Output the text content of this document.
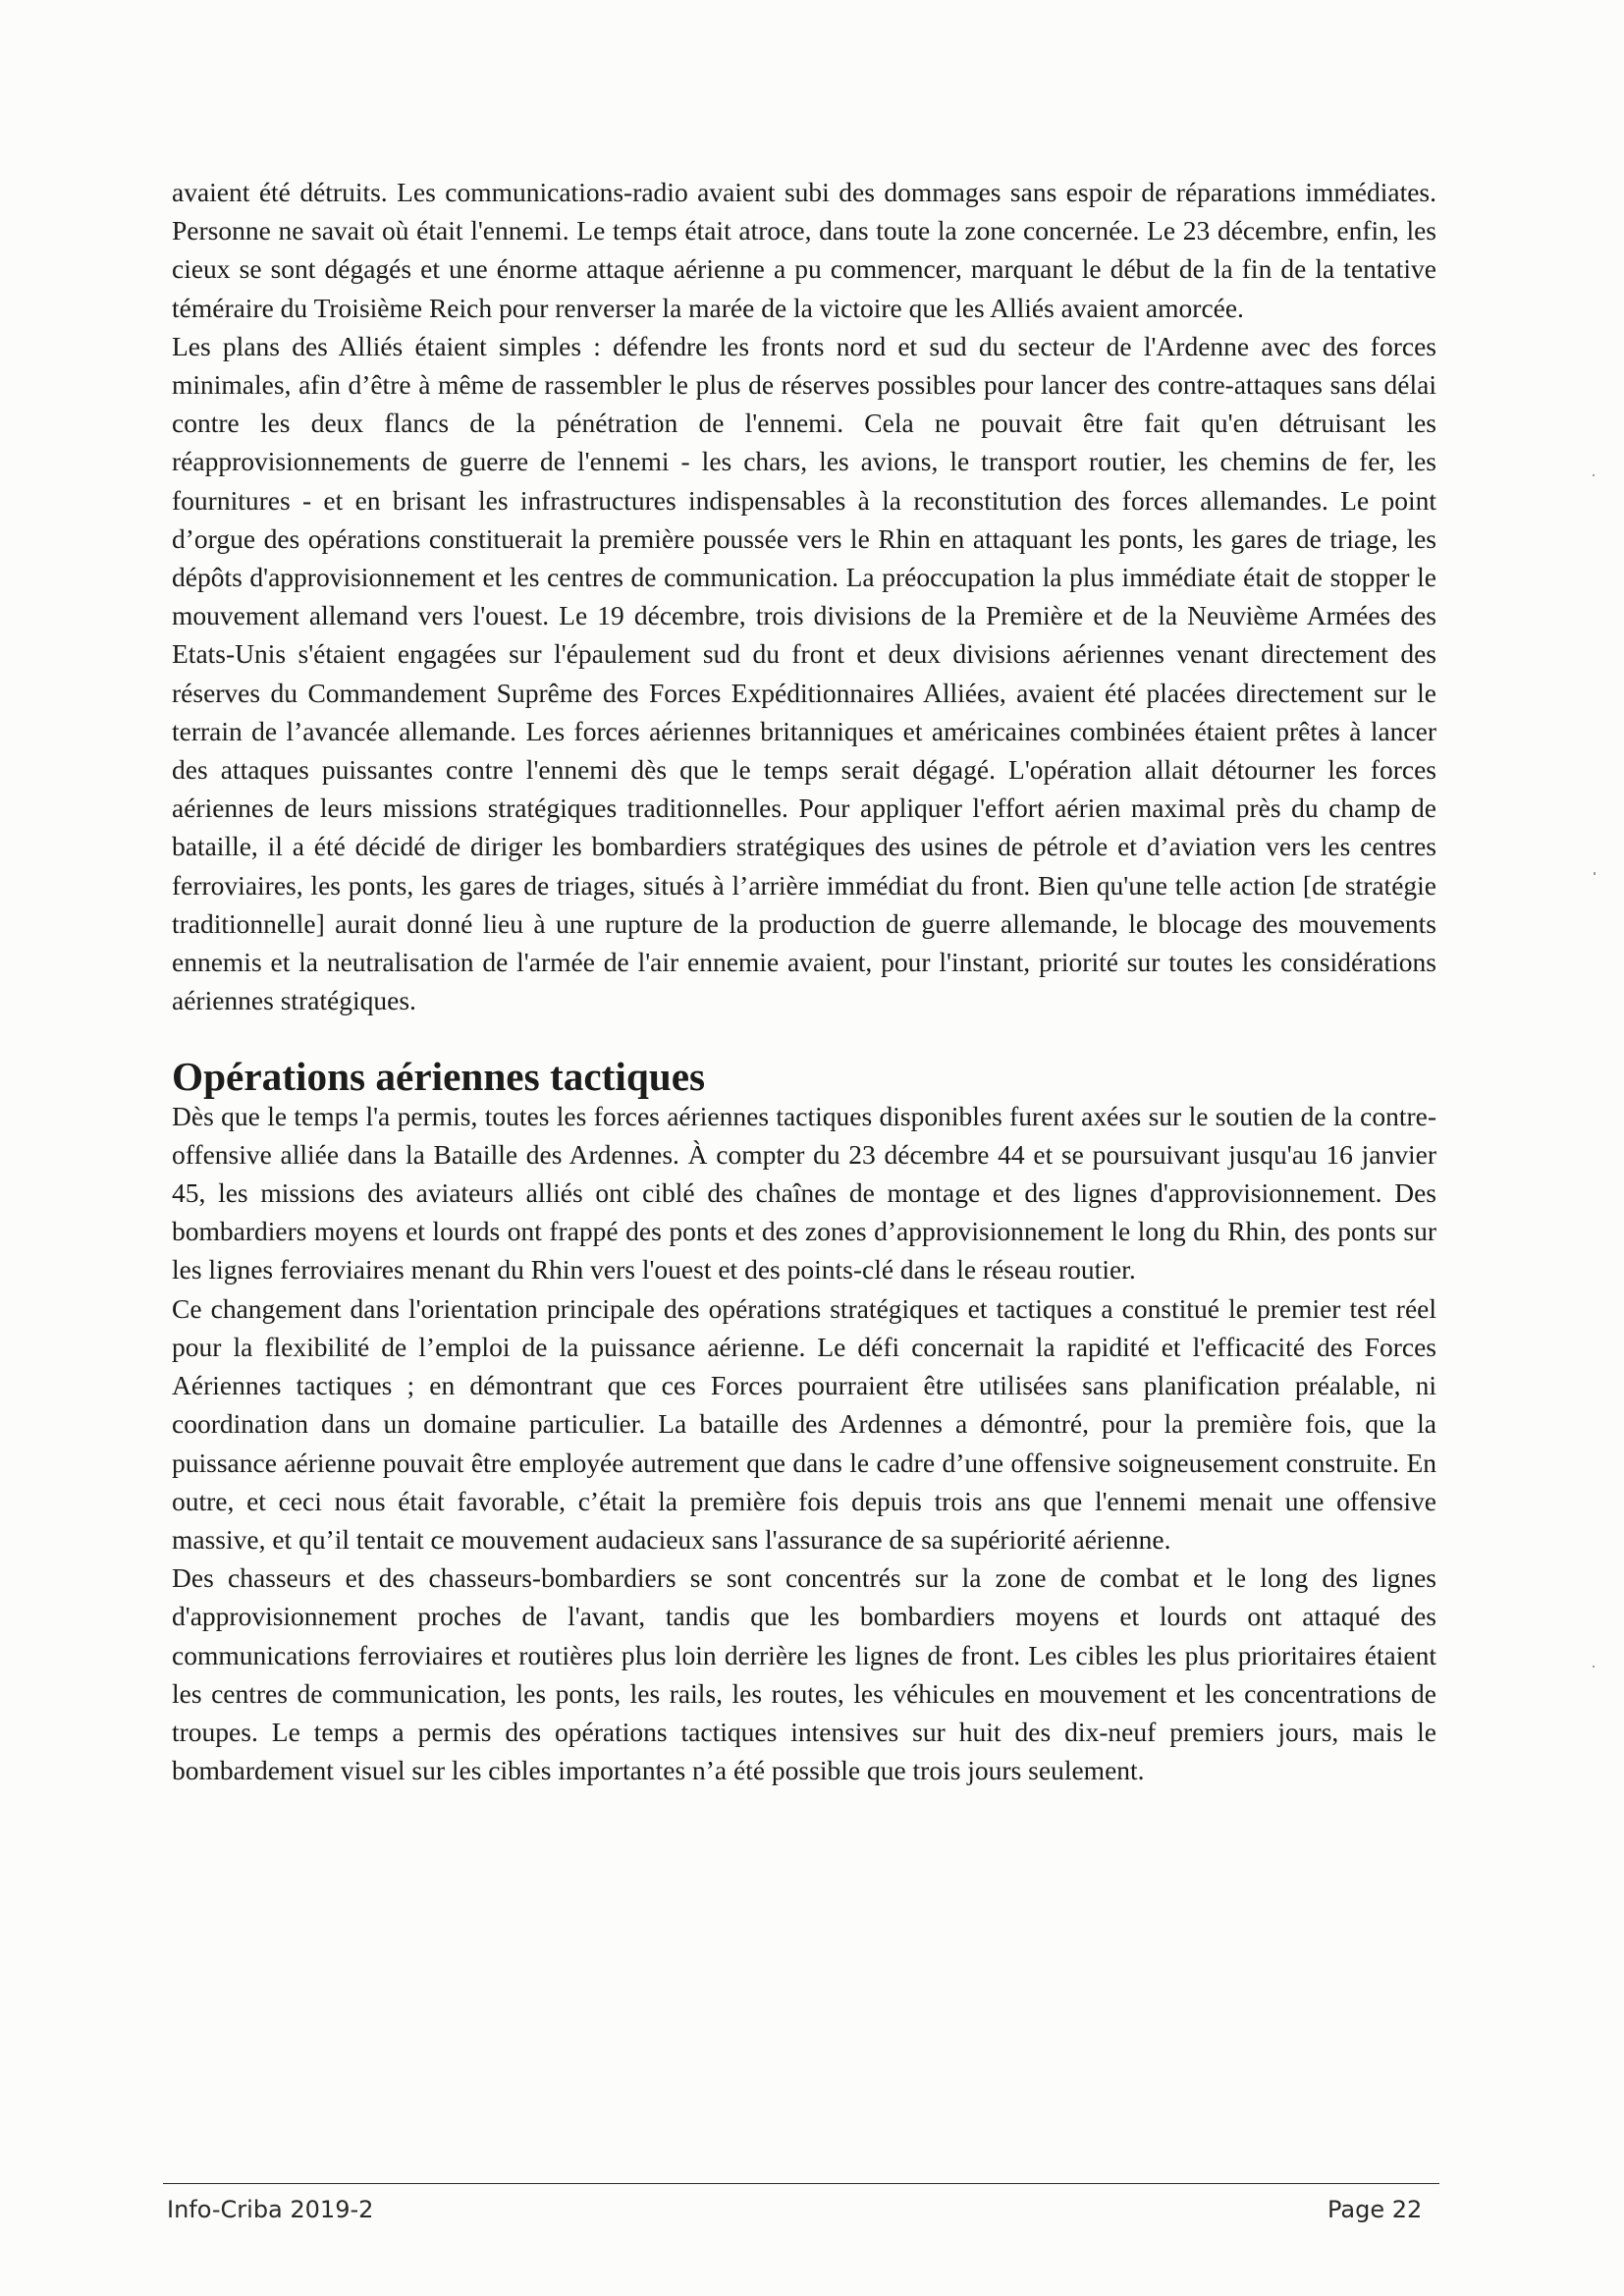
avaient été détruits. Les communications-radio avaient subi des dommages sans espoir de réparations immédiates. Personne ne savait où était l'ennemi. Le temps était atroce, dans toute la zone concernée. Le 23 décembre, enfin, les cieux se sont dégagés et une énorme attaque aérienne a pu commencer, marquant le début de la fin de la tentative téméraire du Troisième Reich pour renverser la marée de la victoire que les Alliés avaient amorcée.

Les plans des Alliés étaient simples : défendre les fronts nord et sud du secteur de l'Ardenne avec des forces minimales, afin d’être à même de rassembler le plus de réserves possibles pour lancer des contre-attaques sans délai contre les deux flancs de la pénétration de l'ennemi. Cela ne pouvait être fait qu'en détruisant les réapprovisionnements de guerre de l'ennemi - les chars, les avions, le transport routier, les chemins de fer, les fournitures - et en brisant les infrastructures indispensables à la reconstitution des forces allemandes. Le point d’orgue des opérations constituerait la première poussée vers le Rhin en attaquant les ponts, les gares de triage, les dépôts d'approvisionnement et les centres de communication. La préoccupation la plus immédiate était de stopper le mouvement allemand vers l'ouest. Le 19 décembre, trois divisions de la Première et de la Neuvième Armées des Etats-Unis s'étaient engagées sur l'épaulement sud du front et deux divisions aériennes venant directement des réserves du Commandement Suprême des Forces Expéditionnaires Alliées, avaient été placées directement sur le terrain de l’avancée allemande. Les forces aériennes britanniques et américaines combinées étaient prêtes à lancer des attaques puissantes contre l'ennemi dès que le temps serait dégagé. L'opération allait détourner les forces aériennes de leurs missions stratégiques traditionnelles. Pour appliquer l'effort aérien maximal près du champ de bataille, il a été décidé de diriger les bombardiers stratégiques des usines de pétrole et d’aviation vers les centres ferroviaires, les ponts, les gares de triages, situés à l’arrière immédiat du front. Bien qu'une telle action [de stratégie traditionnelle] aurait donné lieu à une rupture de la production de guerre allemande, le blocage des mouvements ennemis et la neutralisation de l'armée de l'air ennemie avaient, pour l'instant, priorité sur toutes les considérations aériennes stratégiques.

Opérations aériennes tactiques

Dès que le temps l'a permis, toutes les forces aériennes tactiques disponibles furent axées sur le soutien de la contre-offensive alliée dans la Bataille des Ardennes. À compter du 23 décembre 44 et se poursuivant jusqu'au 16 janvier 45, les missions des aviateurs alliés ont ciblé des chaînes de montage et des lignes d'approvisionnement. Des bombardiers moyens et lourds ont frappé des ponts et des zones d’approvisionnement le long du Rhin, des ponts sur les lignes ferroviaires menant du Rhin vers l'ouest et des points-clé dans le réseau routier.

Ce changement dans l'orientation principale des opérations stratégiques et tactiques a constitué le premier test réel pour la flexibilité de l’emploi de la puissance aérienne. Le défi concernait la rapidité et l'efficacité des Forces Aériennes tactiques ; en démontrant que ces Forces pourraient être utilisées sans planification préalable, ni coordination dans un domaine particulier. La bataille des Ardennes a démontré, pour la première fois, que la puissance aérienne pouvait être employée autrement que dans le cadre d’une offensive soigneusement construite. En outre, et ceci nous était favorable, c’était la première fois depuis trois ans que l'ennemi menait une offensive massive, et qu’il tentait ce mouvement audacieux sans l'assurance de sa supériorité aérienne.

Des chasseurs et des chasseurs-bombardiers se sont concentrés sur la zone de combat et le long des lignes d'approvisionnement proches de l'avant, tandis que les bombardiers moyens et lourds ont attaqué des communications ferroviaires et routières plus loin derrière les lignes de front. Les cibles les plus prioritaires étaient les centres de communication, les ponts, les rails, les routes, les véhicules en mouvement et les concentrations de troupes. Le temps a permis des opérations tactiques intensives sur huit des dix-neuf premiers jours, mais le bombardement visuel sur les cibles importantes n’a été possible que trois jours seulement.

Info-Criba 2019-2	Page 22
